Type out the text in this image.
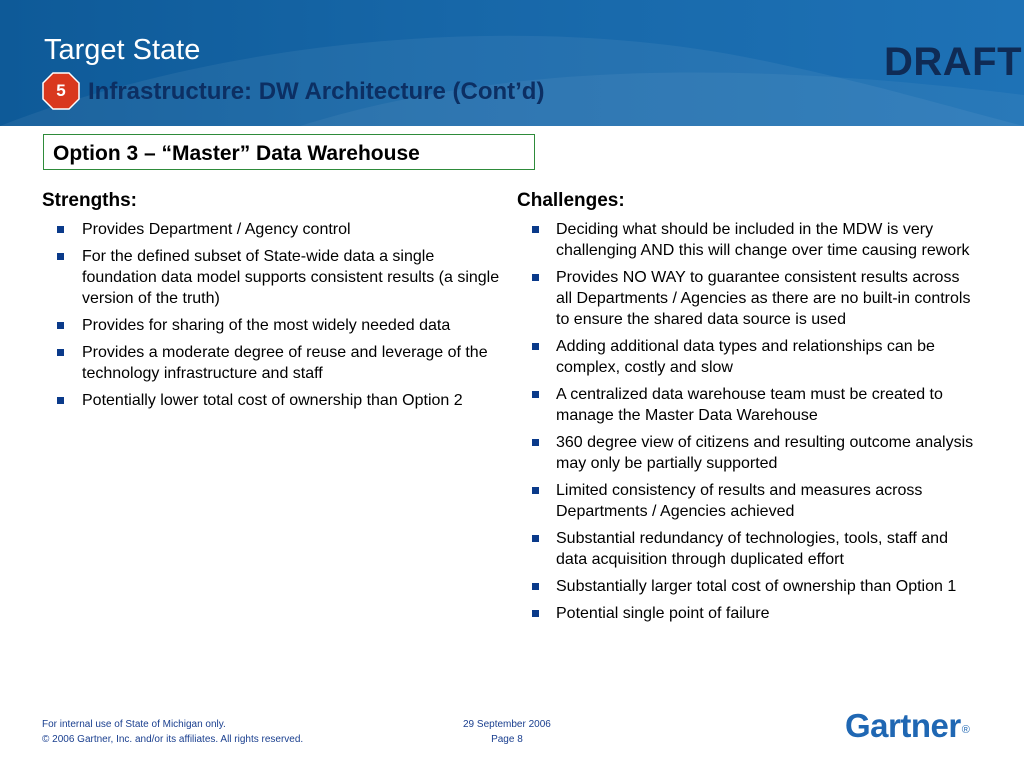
Target State
5 Infrastructure: DW Architecture (Cont’d)
DRAFT
Option 3 – “Master” Data Warehouse
Strengths:
Provides Department / Agency control
For the defined subset of State-wide data a single foundation data model supports consistent results (a single version of the truth)
Provides for sharing of the most widely needed data
Provides a moderate degree of reuse and leverage of the technology infrastructure and staff
Potentially lower total cost of ownership than Option 2
Challenges:
Deciding what should be included in the MDW is very challenging AND this will change over time causing rework
Provides NO WAY to guarantee consistent results across all Departments / Agencies as there are no built-in controls to ensure the shared data source is used
Adding additional data types and relationships can be complex, costly and slow
A centralized data warehouse team must be created to manage the Master Data Warehouse
360 degree view of citizens and resulting outcome analysis may only be partially supported
Limited consistency of results and measures across Departments / Agencies achieved
Substantial redundancy of technologies, tools, staff and data acquisition through duplicated effort
Substantially larger total cost of ownership than Option 1
Potential single point of failure
For internal use of State of Michigan only.
© 2006 Gartner, Inc. and/or its affiliates. All rights reserved.
29 September 2006
Page 8	Gartner®
